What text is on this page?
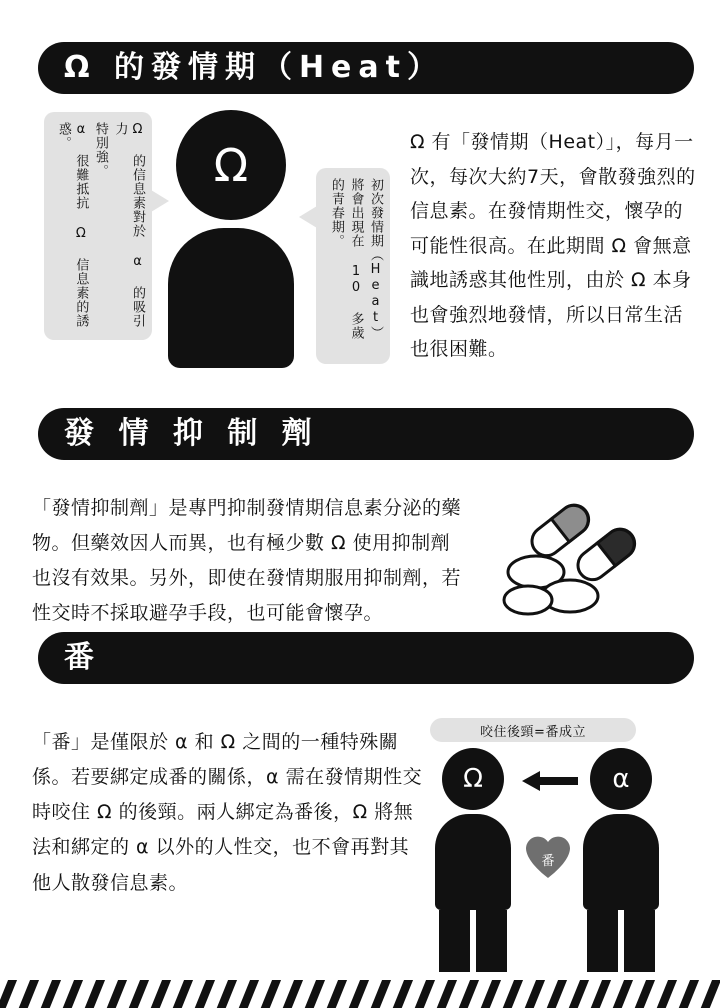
Ω 的發情期（Heat）
Ω 的信息素對於 α 的吸引力
特別強。
α 很難抵抗 Ω 信息素的誘惑。
Ω
初次發情期（Heat）
將會出現在 10 多歲
的青春期。

Ω 有「發情期（Heat）」，每月一次，每次大約7天，會散發強烈的信息素。在發情期性交，懷孕的可能性很高。在此期間 Ω 會無意識地誘惑其他性別，由於 Ω 本身也會強烈地發情，所以日常生活也很困難。

發 情 抑 制 劑

「發情抑制劑」是專門抑制發情期信息素分泌的藥物。但藥效因人而異，也有極少數 Ω 使用抑制劑也沒有效果。另外，即使在發情期服用抑制劑，若性交時不採取避孕手段，也可能會懷孕。

番

「番」是僅限於 α 和 Ω 之間的一種特殊關係。若要綁定成番的關係，α 需在發情期性交時咬住 Ω 的後頸。兩人綁定為番後，Ω 將無法和綁定的 α 以外的人性交，也不會再對其他人散發信息素。

咬住後頸=番成立
Ω
番
α
